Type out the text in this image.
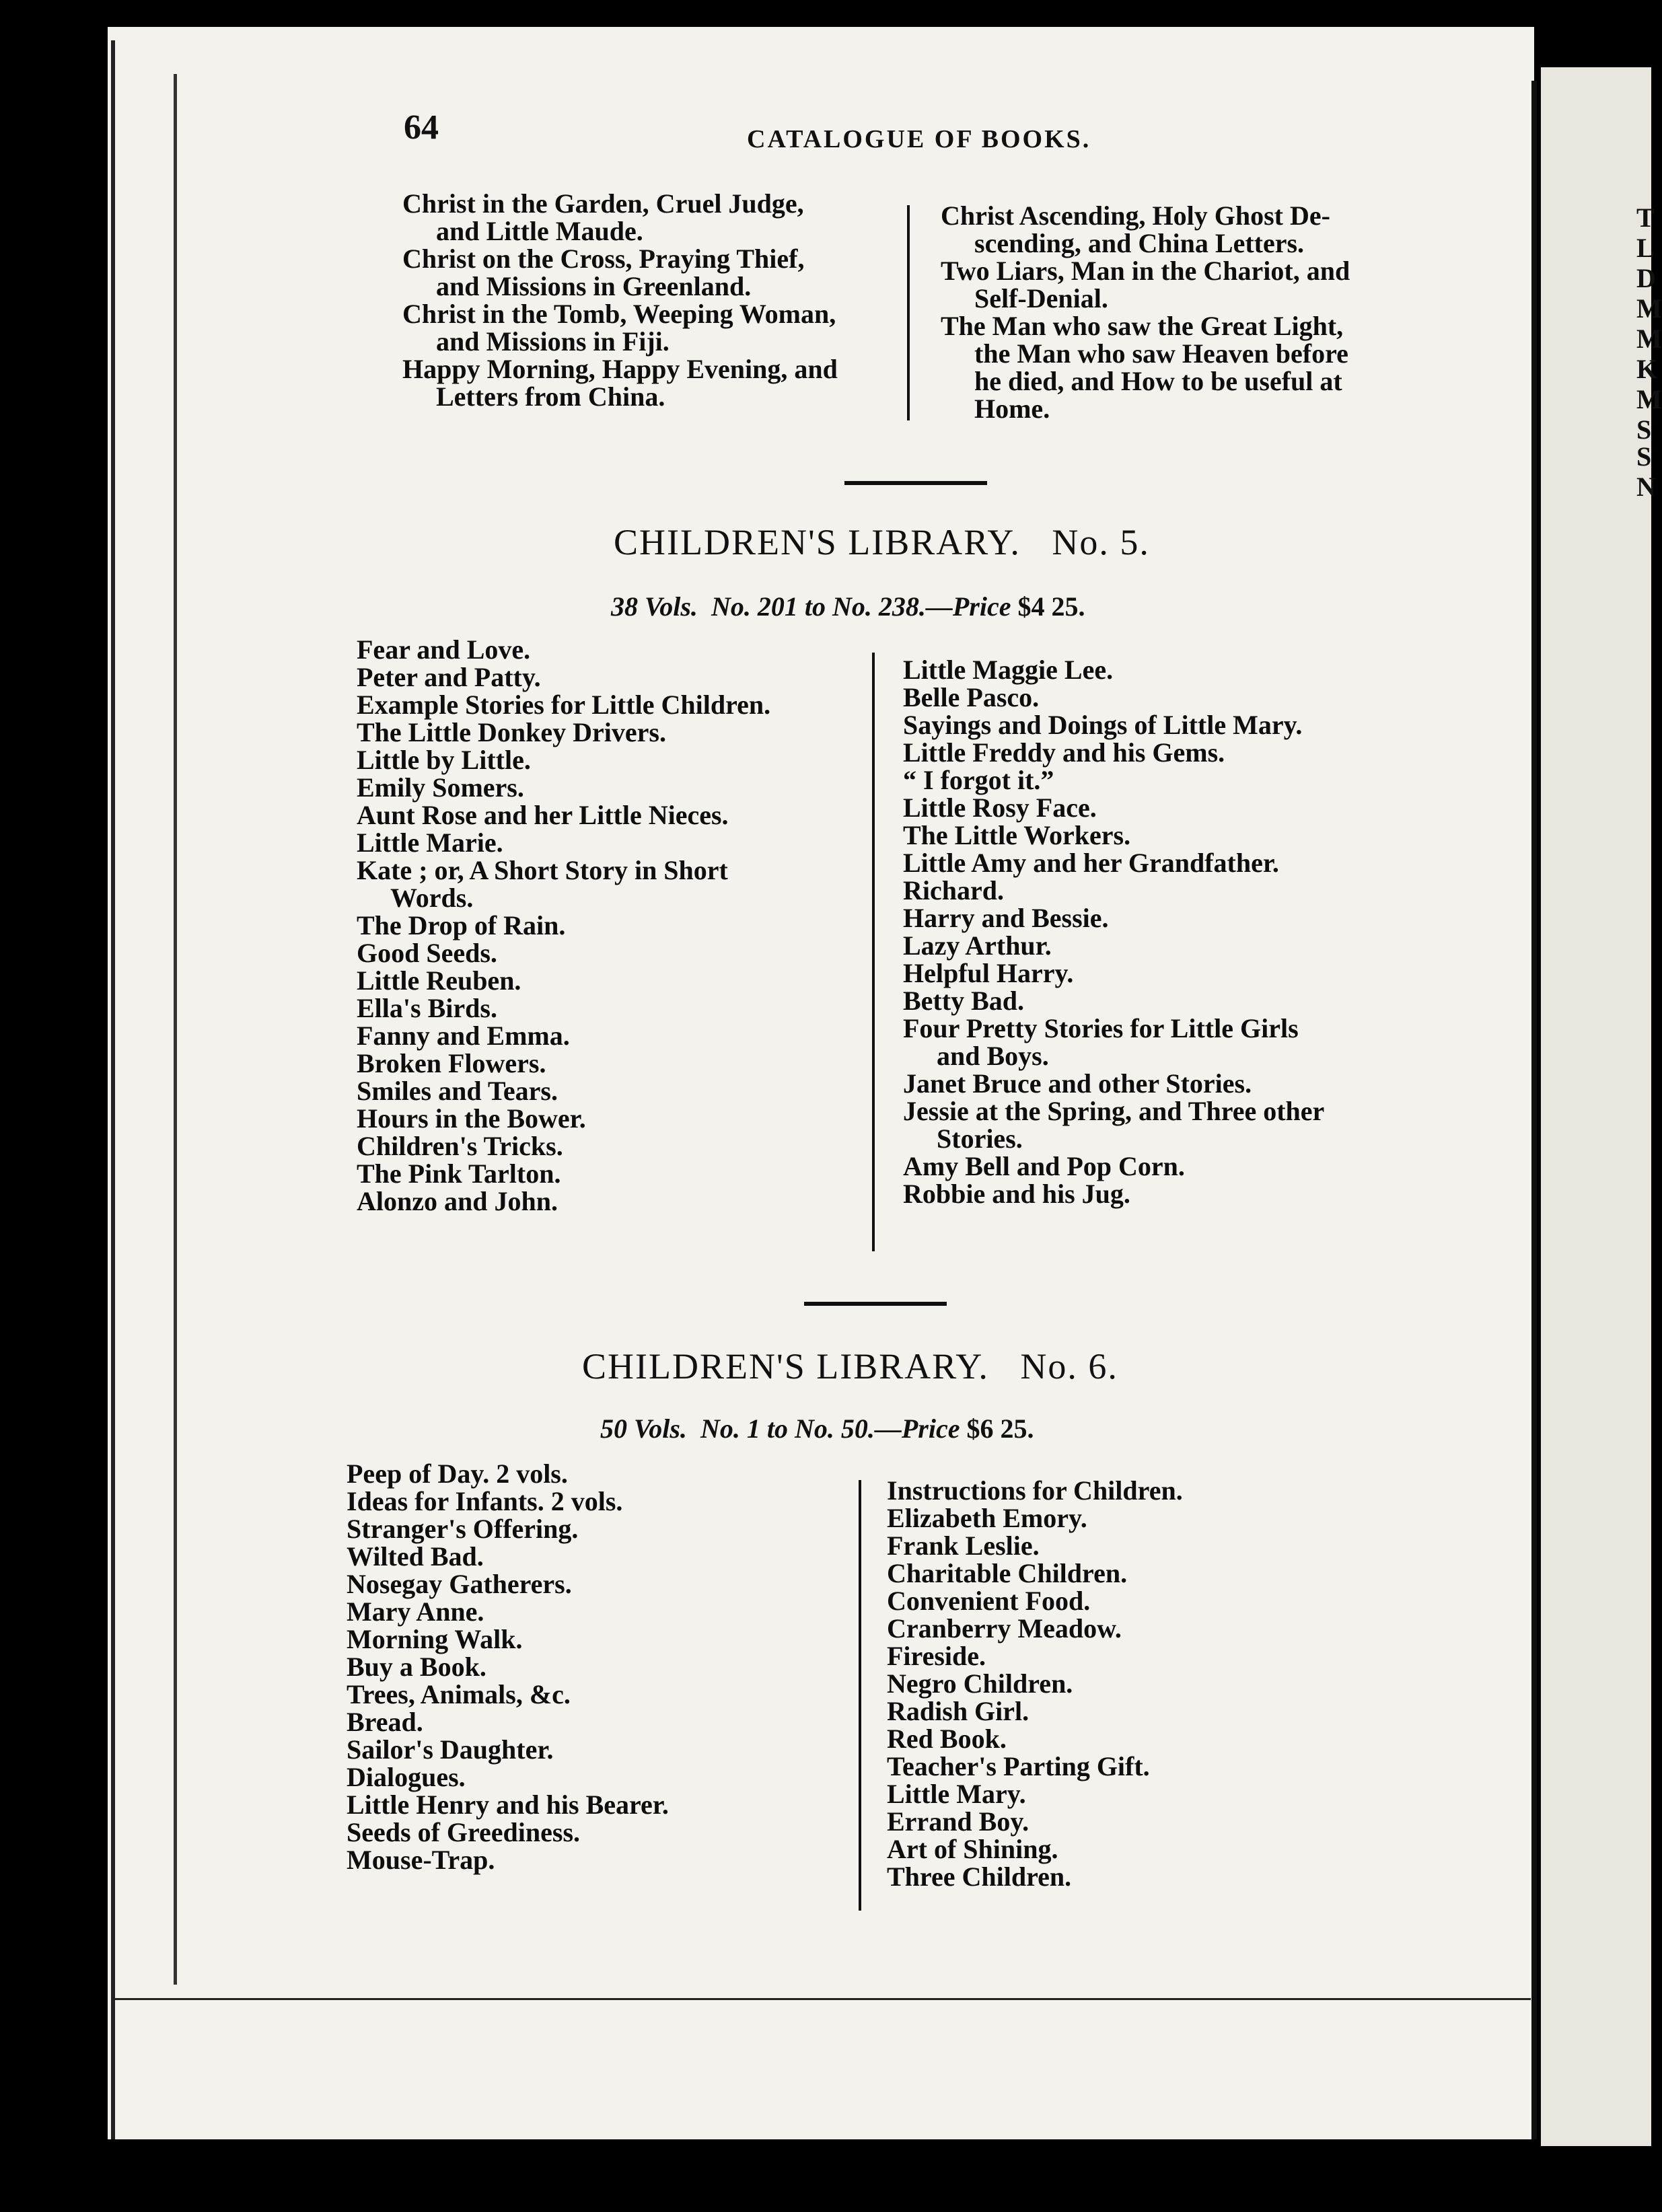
T
L
D
M
M
K
M
S
S
N
64	CATALOGUE OF BOOKS.
Christ in the Garden, Cruel Judge,
and Little Maude.
Christ on the Cross, Praying Thief,
and Missions in Greenland.
Christ in the Tomb, Weeping Woman,
and Missions in Fiji.
Happy Morning, Happy Evening, and
Letters from China.
Christ Ascending, Holy Ghost De-
scending, and China Letters.
Two Liars, Man in the Chariot, and
Self-Denial.
The Man who saw the Great Light,
the Man who saw Heaven before
he died, and How to be useful at
Home.
CHILDREN'S LIBRARY.   No. 5.
38 Vols. No. 201 to No. 238.—Price $4 25.
Fear and Love.
Peter and Patty.
Example Stories for Little Children.
The Little Donkey Drivers.
Little by Little.
Emily Somers.
Aunt Rose and her Little Nieces.
Little Marie.
Kate ; or, A Short Story in Short
Words.
The Drop of Rain.
Good Seeds.
Little Reuben.
Ella's Birds.
Fanny and Emma.
Broken Flowers.
Smiles and Tears.
Hours in the Bower.
Children's Tricks.
The Pink Tarlton.
Alonzo and John.
Little Maggie Lee.
Belle Pasco.
Sayings and Doings of Little Mary.
Little Freddy and his Gems.
“ I forgot it.”
Little Rosy Face.
The Little Workers.
Little Amy and her Grandfather.
Richard.
Harry and Bessie.
Lazy Arthur.
Helpful Harry.
Betty Bad.
Four Pretty Stories for Little Girls
and Boys.
Janet Bruce and other Stories.
Jessie at the Spring, and Three other
Stories.
Amy Bell and Pop Corn.
Robbie and his Jug.
CHILDREN'S LIBRARY.   No. 6.
50 Vols. No. 1 to No. 50.—Price $6 25.
Peep of Day. 2 vols.
Ideas for Infants. 2 vols.
Stranger's Offering.
Wilted Bad.
Nosegay Gatherers.
Mary Anne.
Morning Walk.
Buy a Book.
Trees, Animals, &c.
Bread.
Sailor's Daughter.
Dialogues.
Little Henry and his Bearer.
Seeds of Greediness.
Mouse-Trap.
Instructions for Children.
Elizabeth Emory.
Frank Leslie.
Charitable Children.
Convenient Food.
Cranberry Meadow.
Fireside.
Negro Children.
Radish Girl.
Red Book.
Teacher's Parting Gift.
Little Mary.
Errand Boy.
Art of Shining.
Three Children.
